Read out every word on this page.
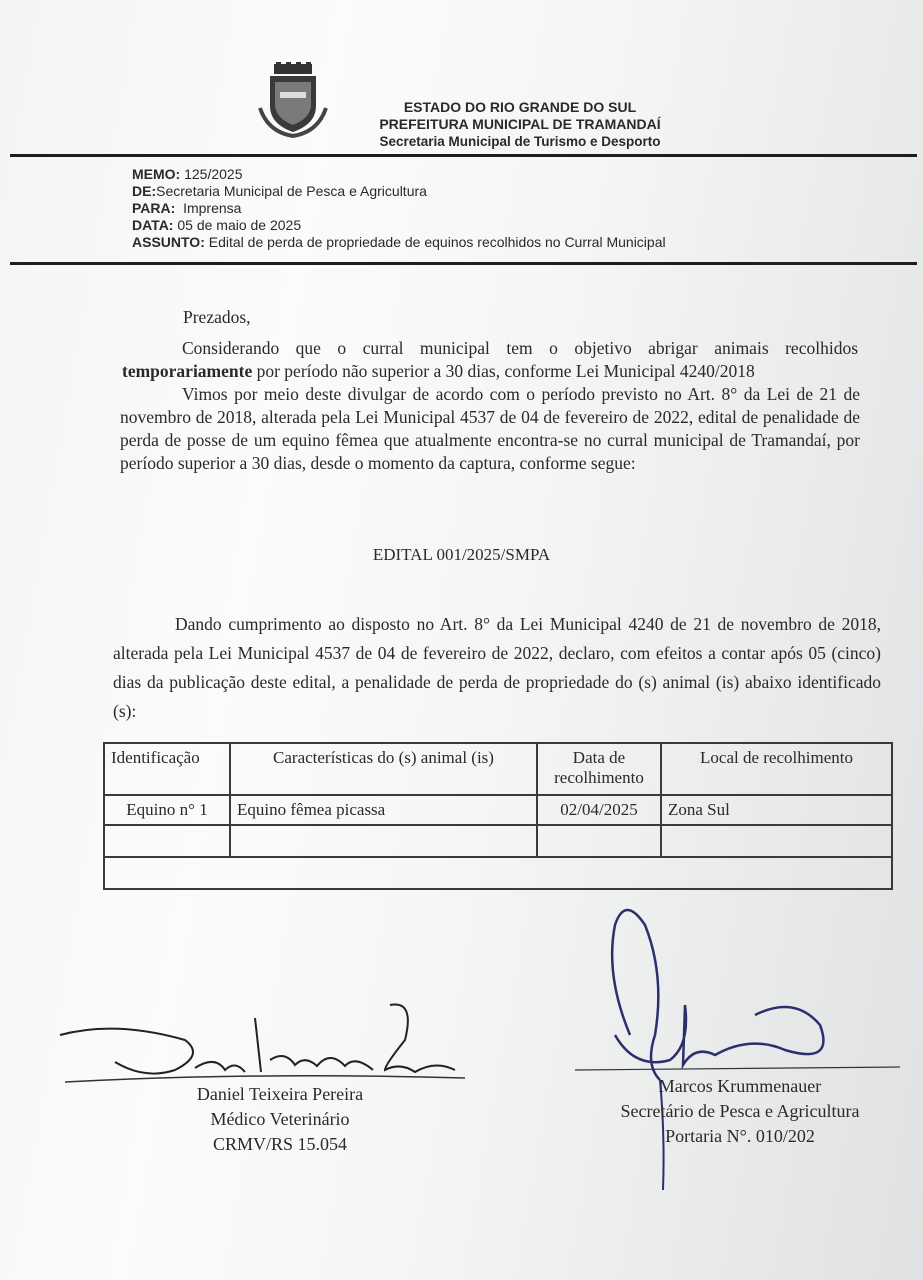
ESTADO DO RIO GRANDE DO SUL
PREFEITURA MUNICIPAL DE TRAMANDAÍ
Secretaria Municipal de Turismo e Desporto
MEMO: 125/2025
DE:Secretaria Municipal de Pesca e Agricultura
PARA: Imprensa
DATA: 05 de maio de 2025
ASSUNTO: Edital de perda de propriedade de equinos recolhidos no Curral Municipal
Prezados,
Considerando que o curral municipal tem o objetivo abrigar animais recolhidos temporariamente por período não superior a 30 dias, conforme Lei Municipal 4240/2018
Vimos por meio deste divulgar de acordo com o período previsto no Art. 8° da Lei de 21 de novembro de 2018, alterada pela Lei Municipal 4537 de 04 de fevereiro de 2022, edital de penalidade de perda de posse de um equino fêmea que atualmente encontra-se no curral municipal de Tramandaí, por período superior a 30 dias, desde o momento da captura, conforme segue:
EDITAL 001/2025/SMPA
Dando cumprimento ao disposto no Art. 8° da Lei Municipal 4240 de 21 de novembro de 2018, alterada pela Lei Municipal 4537 de 04 de fevereiro de 2022, declaro, com efeitos a contar após 05 (cinco) dias da publicação deste edital, a penalidade de perda de propriedade do (s) animal (is) abaixo identificado (s):
Identificação	Características do (s) animal (is)	Data de recolhimento	Local de recolhimento
Equino n° 1	Equino fêmea picassa	02/04/2025	Zona Sul

Daniel Teixeira Pereira
Médico Veterinário
CRMV/RS 15.054
Marcos Krummenauer
Secretário de Pesca e Agricultura
Portaria N°. 010/202
